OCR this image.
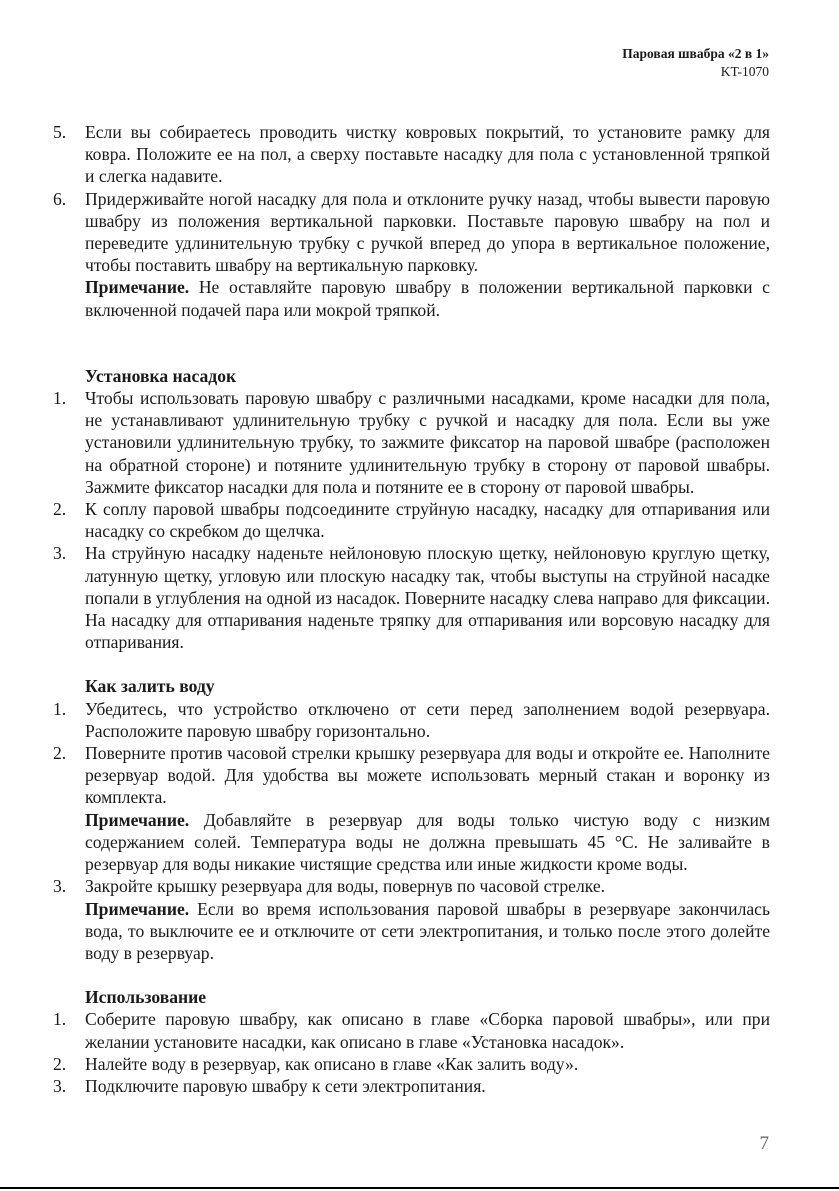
Паровая швабра «2 в 1»
KT-1070
5. Если вы собираетесь проводить чистку ковровых покрытий, то установите рамку для ковра. Положите ее на пол, а сверху поставьте насадку для пола с установленной тряпкой и слегка надавите.
6. Придерживайте ногой насадку для пола и отклоните ручку назад, чтобы вывести паровую швабру из положения вертикальной парковки. Поставьте паровую швабру на пол и переведите удлинительную трубку с ручкой вперед до упора в вертикальное положение, чтобы поставить швабру на вертикальную парковку.
Примечание. Не оставляйте паровую швабру в положении вертикальной парковки с включенной подачей пара или мокрой тряпкой.
Установка насадок
1. Чтобы использовать паровую швабру с различными насадками, кроме насадки для пола, не устанавливают удлинительную трубку с ручкой и насадку для пола. Если вы уже установили удлинительную трубку, то зажмите фиксатор на паровой швабре (расположен на обратной стороне) и потяните удлинительную трубку в сторону от паровой швабры. Зажмите фиксатор насадки для пола и потяните ее в сторону от паровой швабры.
2. К соплу паровой швабры подсоедините струйную насадку, насадку для отпаривания или насадку со скребком до щелчка.
3. На струйную насадку наденьте нейлоновую плоскую щетку, нейлоновую круглую щетку, латунную щетку, угловую или плоскую насадку так, чтобы выступы на струйной насадке попали в углубления на одной из насадок. Поверните насадку слева направо для фиксации. На насадку для отпаривания наденьте тряпку для отпаривания или ворсовую насадку для отпаривания.
Как залить воду
1. Убедитесь, что устройство отключено от сети перед заполнением водой резервуара. Расположите паровую швабру горизонтально.
2. Поверните против часовой стрелки крышку резервуара для воды и откройте ее. Наполните резервуар водой. Для удобства вы можете использовать мерный стакан и воронку из комплекта.
Примечание. Добавляйте в резервуар для воды только чистую воду с низким содержанием солей. Температура воды не должна превышать 45 °С. Не заливайте в резервуар для воды никакие чистящие средства или иные жидкости кроме воды.
3. Закройте крышку резервуара для воды, повернув по часовой стрелке.
Примечание. Если во время использования паровой швабры в резервуаре закончилась вода, то выключите ее и отключите от сети электропитания, и только после этого долейте воду в резервуар.
Использование
1. Соберите паровую швабру, как описано в главе «Сборка паровой швабры», или при желании установите насадки, как описано в главе «Установка насадок».
2. Налейте воду в резервуар, как описано в главе «Как залить воду».
3. Подключите паровую швабру к сети электропитания.
7
